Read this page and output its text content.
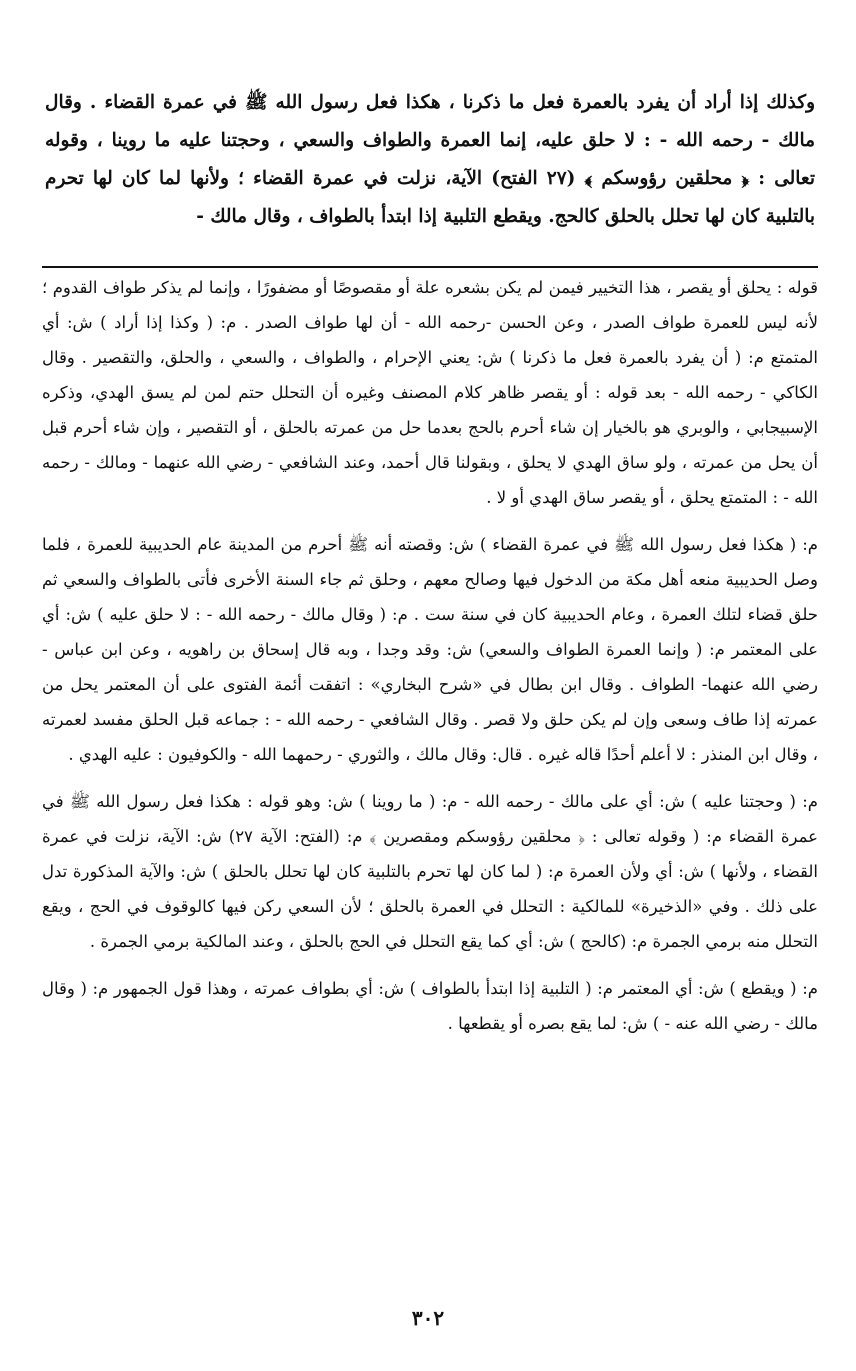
وكذلك إذا أراد أن يفرد بالعمرة فعل ما ذكرنا ، هكذا فعل رسول الله ﷺ في عمرة القضاء . وقال مالك - رحمه الله - : لا حلق عليه، إنما العمرة والطواف والسعي ، وحجتنا عليه ما روينا ، وقوله تعالى : ﴿ محلقين رؤوسكم ﴾ (٢٧ الفتح) الآية، نزلت في عمرة القضاء ؛ ولأنها لما كان لها تحرم بالتلبية كان لها تحلل بالحلق كالحج. ويقطع التلبية إذا ابتدأ بالطواف ، وقال مالك -

قوله : يحلق أو يقصر ، هذا التخيير فيمن لم يكن بشعره علة أو مقصوصًا أو مضفورًا ، وإنما لم يذكر طواف القدوم ؛ لأنه ليس للعمرة طواف الصدر ، وعن الحسن -رحمه الله - أن لها طواف الصدر . م: ( وكذا إذا أراد ) ش: أي المتمتع م: ( أن يفرد بالعمرة فعل ما ذكرنا ) ش: يعني الإحرام ، والطواف ، والسعي ، والحلق، والتقصير . وقال الكاكي - رحمه الله - بعد قوله : أو يقصر ظاهر كلام المصنف وغيره أن التحلل حتم لمن لم يسق الهدي، وذكره الإسبيجابي ، والوبري هو بالخيار إن شاء أحرم بالحج بعدما حل من عمرته بالحلق ، أو التقصير ، وإن شاء أحرم قبل أن يحل من عمرته ، ولو ساق الهدي لا يحلق ، وبقولنا قال أحمد، وعند الشافعي - رضي الله عنهما - ومالك - رحمه الله - : المتمتع يحلق ، أو يقصر ساق الهدي أو لا .

م: ( هكذا فعل رسول الله ﷺ في عمرة القضاء ) ش: وقصته أنه ﷺ أحرم من المدينة عام الحديبية للعمرة ، فلما وصل الحديبية منعه أهل مكة من الدخول فيها وصالح معهم ، وحلق ثم جاء السنة الأخرى فأتى بالطواف والسعي ثم حلق قضاء لتلك العمرة ، وعام الحديبية كان في سنة ست . م: ( وقال مالك - رحمه الله - : لا حلق عليه ) ش: أي على المعتمر م: ( وإنما العمرة الطواف والسعي) ش: وقد وجدا ، وبه قال إسحاق بن راهويه ، وعن ابن عباس - رضي الله عنهما- الطواف . وقال ابن بطال في «شرح البخاري» : اتفقت أئمة الفتوى على أن المعتمر يحل من عمرته إذا طاف وسعى وإن لم يكن حلق ولا قصر . وقال الشافعي - رحمه الله - : جماعه قبل الحلق مفسد لعمرته ، وقال ابن المنذر : لا أعلم أحدًا قاله غيره . قال: وقال مالك ، والثوري - رحمهما الله - والكوفيون : عليه الهدي .

م: ( وحجتنا عليه ) ش: أي على مالك - رحمه الله - م: ( ما روينا ) ش: وهو قوله : هكذا فعل رسول الله ﷺ في عمرة القضاء م: ( وقوله تعالى : ﴿ محلقين رؤوسكم ومقصرين ﴾ م: (الفتح: الآية ٢٧) ش: الآية، نزلت في عمرة القضاء ، ولأنها ) ش: أي ولأن العمرة م: ( لما كان لها تحرم بالتلبية كان لها تحلل بالحلق ) ش: والآية المذكورة تدل على ذلك . وفي «الذخيرة» للمالكية : التحلل في العمرة بالحلق ؛ لأن السعي ركن فيها كالوقوف في الحج ، ويقع التحلل منه برمي الجمرة م: (كالحج ) ش: أي كما يقع التحلل في الحج بالحلق ، وعند المالكية برمي الجمرة .

م: ( ويقطع ) ش: أي المعتمر م: ( التلبية إذا ابتدأ بالطواف ) ش: أي بطواف عمرته ، وهذا قول الجمهور م: ( وقال مالك - رضي الله عنه - ) ش: لما يقع بصره أو يقطعها .

٣٠٢
